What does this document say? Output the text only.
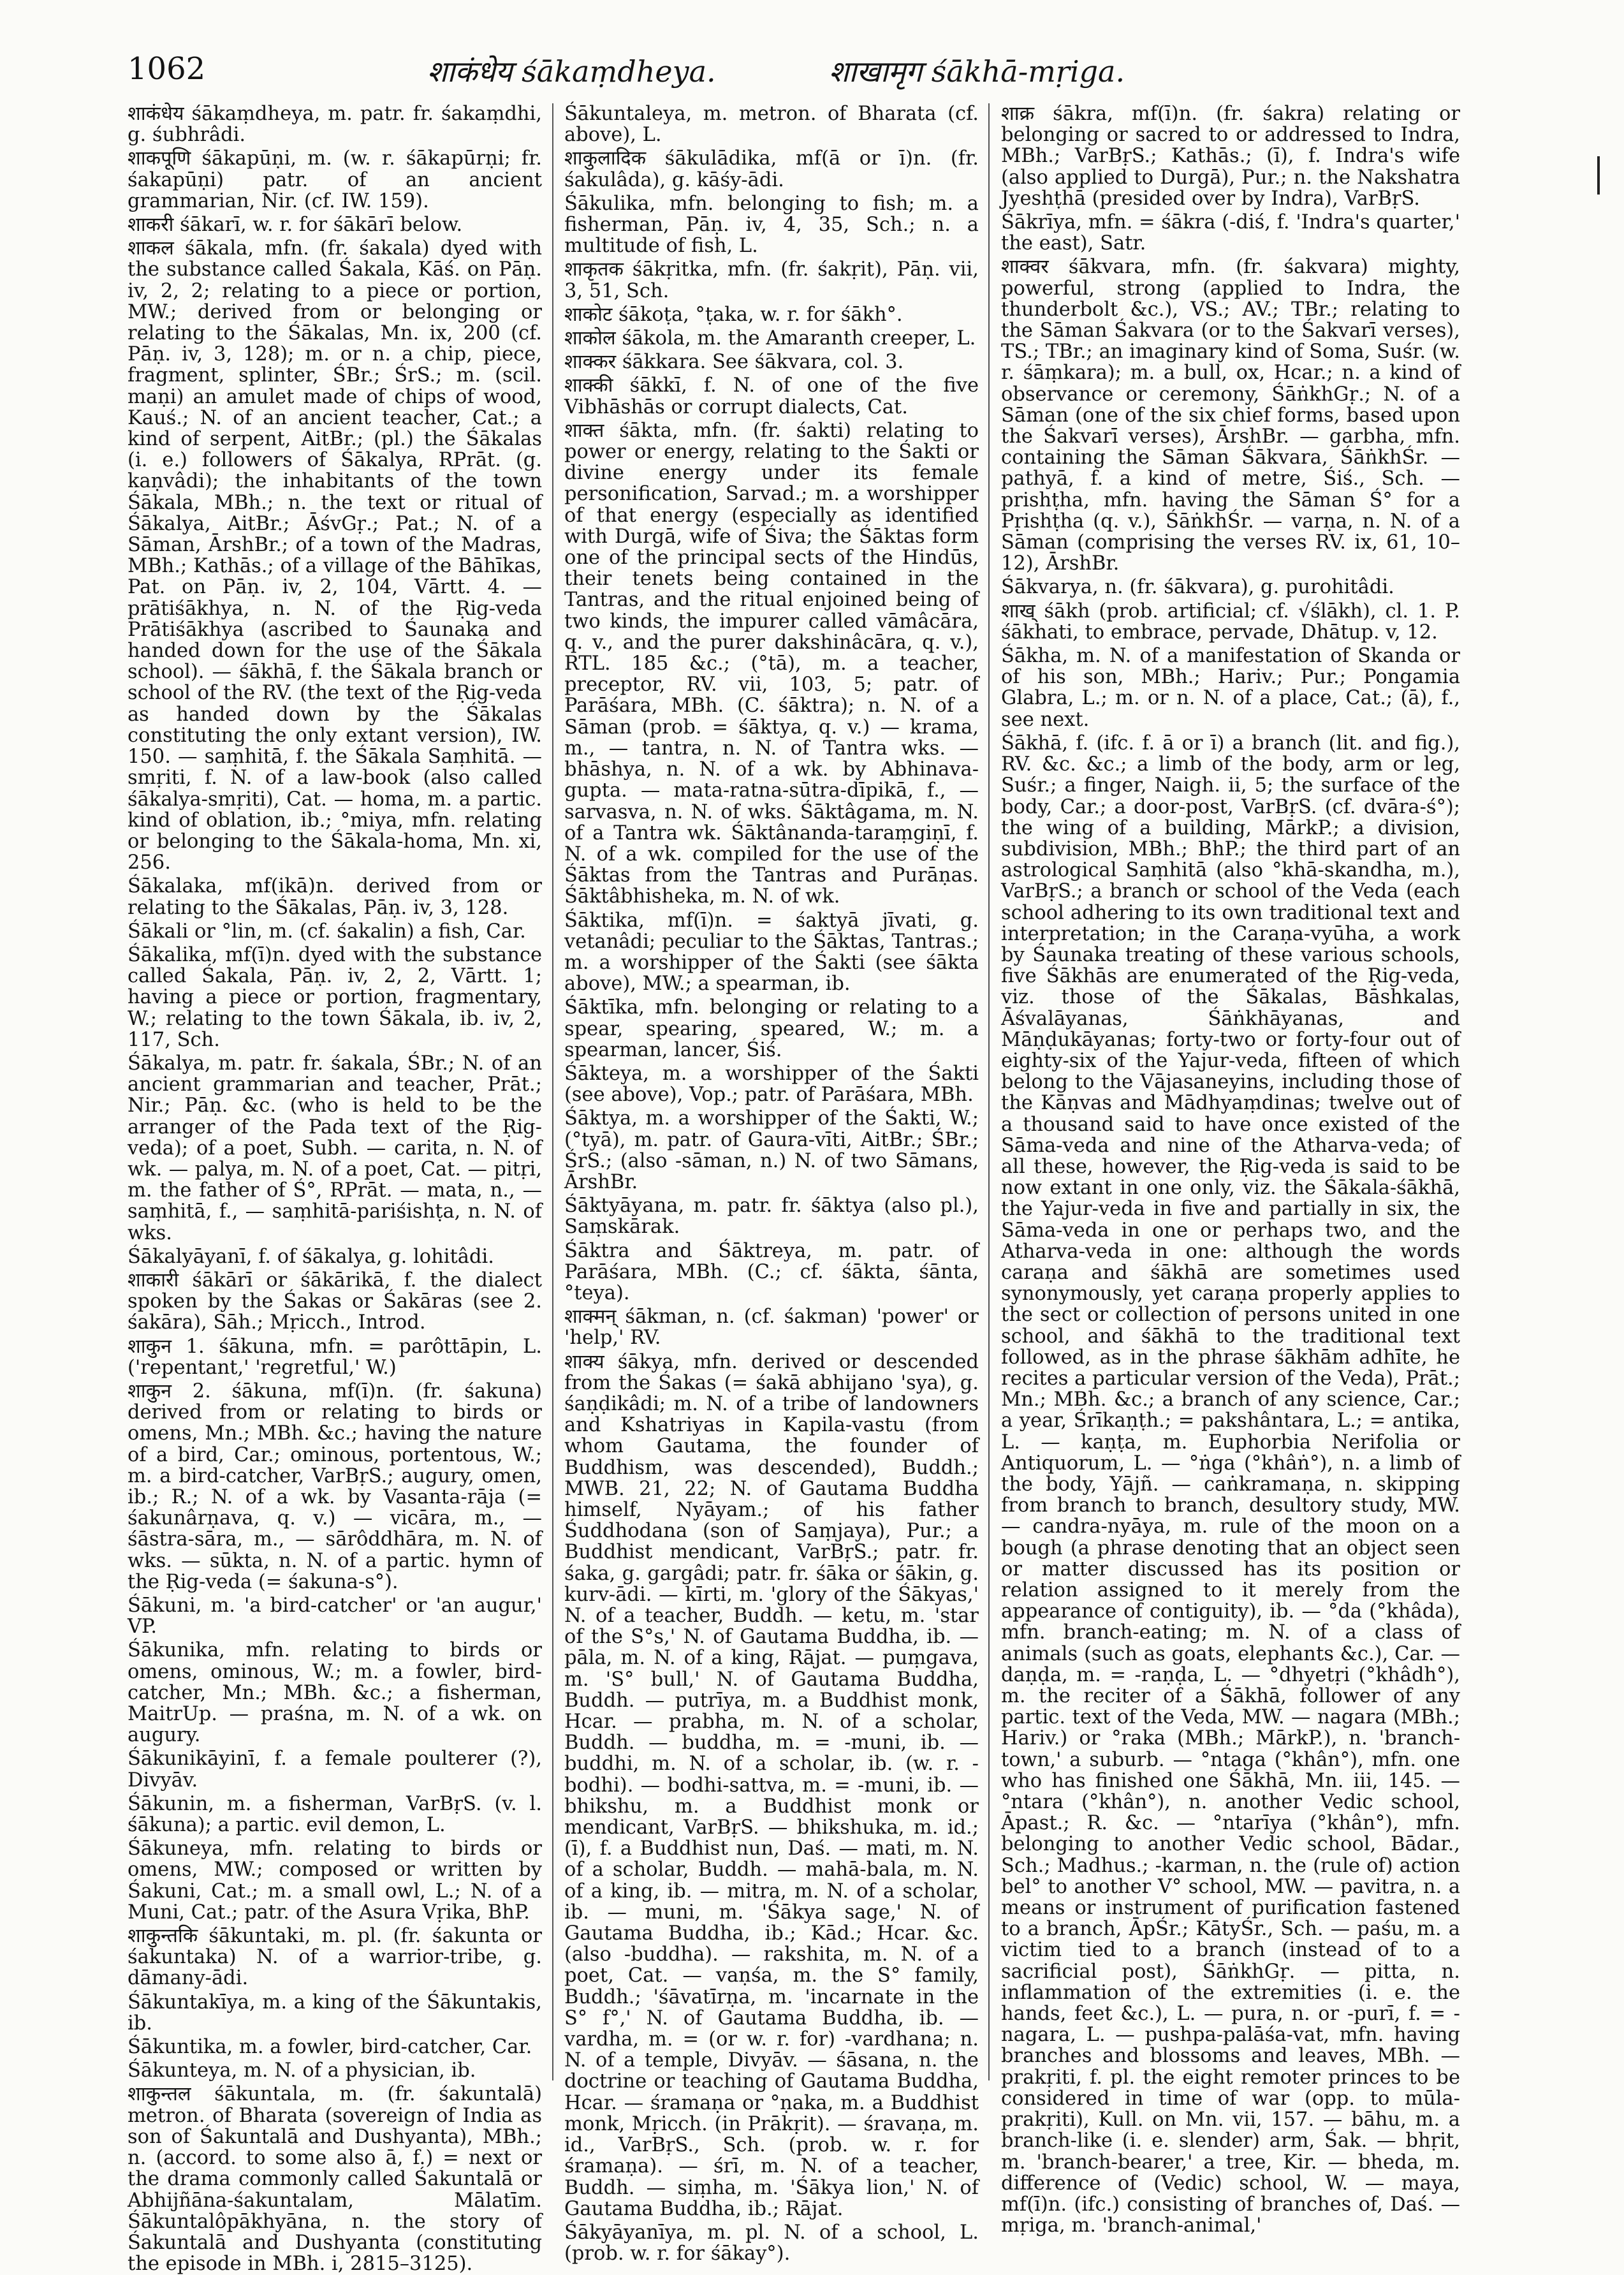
1062	शाकंधेय śākaṃdheya.	शाखामृग śākhā-mṛiga.

शाकंधेय śākaṃdheya, m. patr. fr. śakaṃdhi, g. śubhrâdi.

शाकपूणि śākapūṇi, m. (w. r. śākapūrṇi; fr. śakapūṇi) patr. of an ancient grammarian, Nir. (cf. IW. 159).

शाकरी śākarī, w. r. for śākārī below.

शाकल śākala, mfn. (fr. śakala) dyed with the substance called Śakala, Kāś. on Pāṇ. iv, 2, 2; relating to a piece or portion, MW.; derived from or belonging or relating to the Śākalas, Mn. ix, 200 (cf. Pāṇ. iv, 3, 128); m. or n. a chip, piece, fragment, splinter, ŚBr.; ŚrS.; m. (scil. maṇi) an amulet made of chips of wood, Kauś.; N. of an ancient teacher, Cat.; a kind of serpent, AitBr.; (pl.) the Śākalas (i. e.) followers of Śākalya, RPrāt. (g. kaṇvâdi); the inhabitants of the town Śākala, MBh.; n. the text or ritual of Śākalya, AitBr.; ĀśvGṛ.; Pat.; N. of a Sāman, ĀrshBr.; of a town of the Madras, MBh.; Kathās.; of a village of the Bāhīkas, Pat. on Pāṇ. iv, 2, 104, Vārtt. 4. — prātiśākhya, n. N. of the Ṛig-veda Prātiśākhya (ascribed to Śaunaka and handed down for the use of the Śākala school). — śākhā, f. the Śākala branch or school of the RV. (the text of the Ṛig-veda as handed down by the Śākalas constituting the only extant version), IW. 150. — saṃhitā, f. the Śākala Saṃhitā. — smṛiti, f. N. of a law-book (also called śākalya-smṛiti), Cat. — homa, m. a partic. kind of oblation, ib.; °miya, mfn. relating or belonging to the Śākala-homa, Mn. xi, 256.

Śākalaka, mf(ikā)n. derived from or relating to the Śākalas, Pāṇ. iv, 3, 128.

Śākali or °lin, m. (cf. śakalin) a fish, Car.

Śākalika, mf(ī)n. dyed with the substance called Śakala, Pāṇ. iv, 2, 2, Vārtt. 1; having a piece or portion, fragmentary, W.; relating to the town Śākala, ib. iv, 2, 117, Sch.

Śākalya, m. patr. fr. śakala, ŚBr.; N. of an ancient grammarian and teacher, Prāt.; Nir.; Pāṇ. &c. (who is held to be the arranger of the Pada text of the Ṛig-veda); of a poet, Subh. — carita, n. N. of wk. — palya, m. N. of a poet, Cat. — pitṛi, m. the father of Ś°, RPrāt. — mata, n., — saṃhitā, f., — saṃhitā-pariśishṭa, n. N. of wks.

Śākalyāyanī, f. of śākalya, g. lohitâdi.

शाकारी śākārī or śākārikā, f. the dialect spoken by the Śakas or Śakāras (see 2. śakāra), Sāh.; Mṛicch., Introd.

शाकुन 1. śākuna, mfn. = parôttāpin, L. ('repentant,' 'regretful,' W.)

शाकुन 2. śākuna, mf(ī)n. (fr. śakuna) derived from or relating to birds or omens, Mn.; MBh. &c.; having the nature of a bird, Car.; ominous, portentous, W.; m. a bird-catcher, VarBṛS.; augury, omen, ib.; R.; N. of a wk. by Vasanta-rāja (= śakunârṇava, q. v.) — vicāra, m., — śāstra-sāra, m., — sārôddhāra, m. N. of wks. — sūkta, n. N. of a partic. hymn of the Ṛig-veda (= śakuna-s°).

Śākuni, m. 'a bird-catcher' or 'an augur,' VP.

Śākunika, mfn. relating to birds or omens, ominous, W.; m. a fowler, bird-catcher, Mn.; MBh. &c.; a fisherman, MaitrUp. — praśna, m. N. of a wk. on augury.

Śākunikāyinī, f. a female poulterer (?), Divyāv.

Śākunin, m. a fisherman, VarBṛS. (v. l. śākuna); a partic. evil demon, L.

Śākuneya, mfn. relating to birds or omens, MW.; composed or written by Śakuni, Cat.; m. a small owl, L.; N. of a Muni, Cat.; patr. of the Asura Vṛika, BhP.

शाकुन्तकि śākuntaki, m. pl. (fr. śakunta or śakuntaka) N. of a warrior-tribe, g. dāmany-ādi.

Śākuntakīya, m. a king of the Śākuntakis, ib.

Śākuntika, m. a fowler, bird-catcher, Car.

Śākunteya, m. N. of a physician, ib.

शाकुन्तल śākuntala, m. (fr. śakuntalā) metron. of Bharata (sovereign of India as son of Śakuntalā and Dushyanta), MBh.; n. (accord. to some also ā, f.) = next or the drama commonly called Śakuntalā or Abhijñāna-śakuntalam, Mālatīm. Śākuntalôpākhyāna, n. the story of Śakuntalā and Dushyanta (constituting the episode in MBh. i, 2815–3125).

Śākuntaleya, m. metron. of Bharata (cf. above), L.

शाकुलादिक śākulādika, mf(ā or ī)n. (fr. śakulâda), g. kāśy-ādi.

Śākulika, mfn. belonging to fish; m. a fisherman, Pāṇ. iv, 4, 35, Sch.; n. a multitude of fish, L.

शाकृतक śākṛitka, mfn. (fr. śakṛit), Pāṇ. vii, 3, 51, Sch.

शाकोट śākoṭa, °ṭaka, w. r. for śākh°.

शाकोल śākola, m. the Amaranth creeper, L.

शाक्कर śākkara. See śākvara, col. 3.

शाक्की śākkī, f. N. of one of the five Vibhāshās or corrupt dialects, Cat.

शाक्त śākta, mfn. (fr. śakti) relating to power or energy, relating to the Śakti or divine energy under its female personification, Sarvad.; m. a worshipper of that energy (especially as identified with Durgā, wife of Śiva; the Śāktas form one of the principal sects of the Hindūs, their tenets being contained in the Tantras, and the ritual enjoined being of two kinds, the impurer called vāmâcāra, q. v., and the purer dakshinâcāra, q. v.), RTL. 185 &c.; (°tā), m. a teacher, preceptor, RV. vii, 103, 5; patr. of Parāśara, MBh. (C. śāktra); n. N. of a Sāman (prob. = śāktya, q. v.) — krama, m., — tantra, n. N. of Tantra wks. — bhāshya, n. N. of a wk. by Abhinava-gupta. — mata-ratna-sūtra-dīpikā, f., — sarvasva, n. N. of wks. Śāktâgama, m. N. of a Tantra wk. Śāktânanda-taraṃgiṇī, f. N. of a wk. compiled for the use of the Śāktas from the Tantras and Purāṇas. Śāktâbhisheka, m. N. of wk.

Śāktika, mf(ī)n. = śaktyā jīvati, g. vetanâdi; peculiar to the Śāktas, Tantras.; m. a worshipper of the Śakti (see śākta above), MW.; a spearman, ib.

Śāktīka, mfn. belonging or relating to a spear, spearing, speared, W.; m. a spearman, lancer, Śiś.

Śākteya, m. a worshipper of the Śakti (see above), Vop.; patr. of Parāśara, MBh.

Śāktya, m. a worshipper of the Śakti, W.; (°tyā), m. patr. of Gaura-vīti, AitBr.; ŚBr.; ŚrS.; (also -sāman, n.) N. of two Sāmans, ĀrshBr.

Śāktyāyana, m. patr. fr. śāktya (also pl.), Saṃskārak.

Śāktra and Śāktreya, m. patr. of Parāśara, MBh. (C.; cf. śākta, śānta, °teya).

शाक्मन् śākman, n. (cf. śakman) 'power' or 'help,' RV.

शाक्य śākya, mfn. derived or descended from the Śakas (= śakā abhijano 'sya), g. śaṇḍikâdi; m. N. of a tribe of landowners and Kshatriyas in Kapila-vastu (from whom Gautama, the founder of Buddhism, was descended), Buddh.; MWB. 21, 22; N. of Gautama Buddha himself, Nyāyam.; of his father Śuddhodana (son of Saṃjaya), Pur.; a Buddhist mendicant, VarBṛS.; patr. fr. śaka, g. gargâdi; patr. fr. śāka or śākin, g. kurv-ādi. — kīrti, m. 'glory of the Śākyas,' N. of a teacher, Buddh. — ketu, m. 'star of the S°s,' N. of Gautama Buddha, ib. — pāla, m. N. of a king, Rājat. — puṃgava, m. 'S° bull,' N. of Gautama Buddha, Buddh. — putrīya, m. a Buddhist monk, Hcar. — prabha, m. N. of a scholar, Buddh. — buddha, m. = -muni, ib. — buddhi, m. N. of a scholar, ib. (w. r. -bodhi). — bodhi-sattva, m. = -muni, ib. — bhikshu, m. a Buddhist monk or mendicant, VarBṛS. — bhikshuka, m. id.; (ī), f. a Buddhist nun, Daś. — mati, m. N. of a scholar, Buddh. — mahā-bala, m. N. of a king, ib. — mitra, m. N. of a scholar, ib. — muni, m. 'Śākya sage,' N. of Gautama Buddha, ib.; Kād.; Hcar. &c. (also -buddha). — rakshita, m. N. of a poet, Cat. — vaṇśa, m. the S° family, Buddh.; 'śāvatīrṇa, m. 'incarnate in the S° f°,' N. of Gautama Buddha, ib. — vardha, m. = (or w. r. for) -vardhana; n. N. of a temple, Divyāv. — śāsana, n. the doctrine or teaching of Gautama Buddha, Hcar. — śramaṇa or °ṇaka, m. a Buddhist monk, Mṛicch. (in Prākṛit). — śravaṇa, m. id., VarBṛS., Sch. (prob. w. r. for śramaṇa). — śrī, m. N. of a teacher, Buddh. — siṃha, m. 'Śākya lion,' N. of Gautama Buddha, ib.; Rājat.

Śākyāyanīya, m. pl. N. of a school, L. (prob. w. r. for śākay°).

शाक्र śākra, mf(ī)n. (fr. śakra) relating or belonging or sacred to or addressed to Indra, MBh.; VarBṛS.; Kathās.; (ī), f. Indra's wife (also applied to Durgā), Pur.; n. the Nakshatra Jyeshṭhā (presided over by Indra), VarBṛS.

Śākrīya, mfn. = śākra (-diś, f. 'Indra's quarter,' the east), Satr.

शाक्वर śākvara, mfn. (fr. śakvara) mighty, powerful, strong (applied to Indra, the thunderbolt &c.), VS.; AV.; TBr.; relating to the Sāman Śakvara (or to the Śakvarī verses), TS.; TBr.; an imaginary kind of Soma, Suśr. (w. r. śāṃkara); m. a bull, ox, Hcar.; n. a kind of observance or ceremony, ŚāṅkhGṛ.; N. of a Sāman (one of the six chief forms, based upon the Śakvarī verses), ĀrshBr. — garbha, mfn. containing the Sāman Śākvara, ŚāṅkhŚr. — pathyā, f. a kind of metre, Śiś., Sch. — prishṭha, mfn. having the Sāman Ś° for a Pṛishṭha (q. v.), ŚāṅkhŚr. — varṇa, n. N. of a Sāman (comprising the verses RV. ix, 61, 10–12), ĀrshBr.

Śākvarya, n. (fr. śākvara), g. purohitâdi.

शाख् śākh (prob. artificial; cf. √ślākh), cl. 1. P. śākhati, to embrace, pervade, Dhātup. v, 12.

Śākha, m. N. of a manifestation of Skanda or of his son, MBh.; Hariv.; Pur.; Pongamia Glabra, L.; m. or n. N. of a place, Cat.; (ā), f., see next.

Śākhā, f. (ifc. f. ā or ī) a branch (lit. and fig.), RV. &c. &c.; a limb of the body, arm or leg, Suśr.; a finger, Naigh. ii, 5; the surface of the body, Car.; a door-post, VarBṛS. (cf. dvāra-ś°); the wing of a building, MārkP.; a division, subdivision, MBh.; BhP.; the third part of an astrological Saṃhitā (also °khā-skandha, m.), VarBṛS.; a branch or school of the Veda (each school adhering to its own traditional text and interpretation; in the Caraṇa-vyūha, a work by Śaunaka treating of these various schools, five Śākhās are enumerated of the Ṛig-veda, viz. those of the Śākalas, Bāshkalas, Āśvalāyanas, Śāṅkhāyanas, and Māṇḍukāyanas; forty-two or forty-four out of eighty-six of the Yajur-veda, fifteen of which belong to the Vājasaneyins, including those of the Kāṇvas and Mādhyaṃdinas; twelve out of a thousand said to have once existed of the Sāma-veda and nine of the Atharva-veda; of all these, however, the Ṛig-veda is said to be now extant in one only, viz. the Śākala-śākhā, the Yajur-veda in five and partially in six, the Sāma-veda in one or perhaps two, and the Atharva-veda in one: although the words caraṇa and śākhā are sometimes used synonymously, yet caraṇa properly applies to the sect or collection of persons united in one school, and śākhā to the traditional text followed, as in the phrase śākhām adhīte, he recites a particular version of the Veda), Prāt.; Mn.; MBh. &c.; a branch of any science, Car.; a year, Śrīkaṇṭh.; = pakshântara, L.; = antika, L. — kaṇṭa, m. Euphorbia Nerifolia or Antiquorum, L. — °ṅga (°khâṅ°), n. a limb of the body, Yājñ. — caṅkramaṇa, n. skipping from branch to branch, desultory study, MW. — candra-nyāya, m. rule of the moon on a bough (a phrase denoting that an object seen or matter discussed has its position or relation assigned to it merely from the appearance of contiguity), ib. — °da (°khâda), mfn. branch-eating; m. N. of a class of animals (such as goats, elephants &c.), Car. — daṇḍa, m. = -raṇḍa, L. — °dhyetṛi (°khâdh°), m. the reciter of a Śākhā, follower of any partic. text of the Veda, MW. — nagara (MBh.; Hariv.) or °raka (MBh.; MārkP.), n. 'branch-town,' a suburb. — °ntaga (°khân°), mfn. one who has finished one Śākhā, Mn. iii, 145. — °ntara (°khân°), n. another Vedic school, Āpast.; R. &c. — °ntarīya (°khân°), mfn. belonging to another Vedic school, Bādar., Sch.; Madhus.; -karman, n. the (rule of) action bel° to another V° school, MW. — pavitra, n. a means or instrument of purification fastened to a branch, ĀpŚr.; KātyŚr., Sch. — paśu, m. a victim tied to a branch (instead of to a sacrificial post), ŚāṅkhGṛ. — pitta, n. inflammation of the extremities (i. e. the hands, feet &c.), L. — pura, n. or -purī, f. = -nagara, L. — pushpa-palāśa-vat, mfn. having branches and blossoms and leaves, MBh. — prakṛiti, f. pl. the eight remoter princes to be considered in time of war (opp. to mūla-prakṛiti), Kull. on Mn. vii, 157. — bāhu, m. a branch-like (i. e. slender) arm, Śak. — bhṛit, m. 'branch-bearer,' a tree, Kir. — bheda, m. difference of (Vedic) school, W. — maya, mf(ī)n. (ifc.) consisting of branches of, Daś. — mṛiga, m. 'branch-animal,'
